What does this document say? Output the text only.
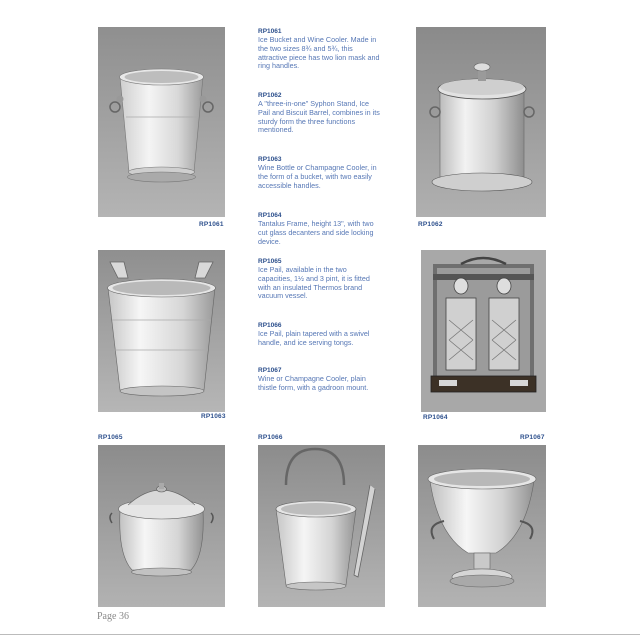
RP1061	RP1062
RP1063	RP1064
RP1065	RP1066	RP1067
RP1061
Ice Bucket and Wine Cooler. Made in the two sizes 8¾ and 5¾, this attractive piece has two lion mask and ring handles.
RP1062
A "three-in-one" Syphon Stand, Ice Pail and Biscuit Barrel, combines in its sturdy form the three functions mentioned.
RP1063
Wine Bottle or Champagne Cooler, in the form of a bucket, with two easily accessible handles.
RP1064
Tantalus Frame, height 13", with two cut glass decanters and side locking device.
RP1065
Ice Pail, available in the two capacities, 1½ and 3 pint, it is fitted with an insulated Thermos brand vacuum vessel.
RP1066
Ice Pail, plain tapered with a swivel handle, and ice serving tongs.
RP1067
Wine or Champagne Cooler, plain thistle form, with a gadroon mount.
Page 36
